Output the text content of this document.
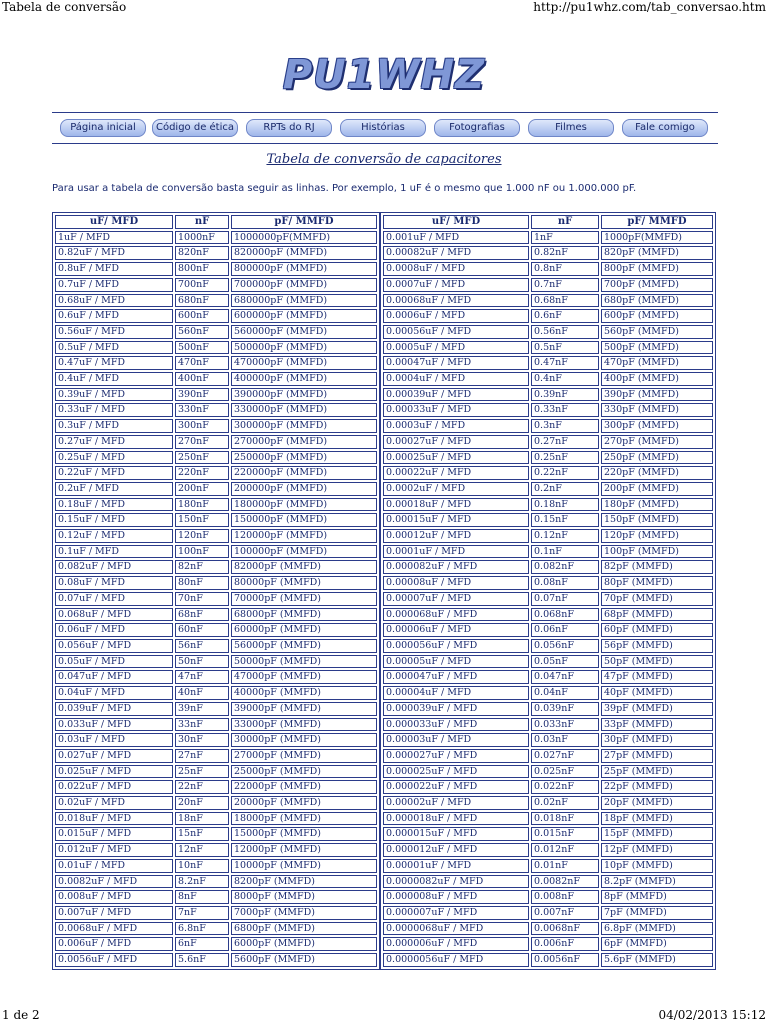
Tabela de conversão	http://pu1whz.com/tab_conversao.htm
PU1WHZ
Página inicial	Código de ética	RPTs do RJ	Histórias	Fotografias	Filmes	Fale comigo
Tabela de conversão de capacitores
Para usar a tabela de conversão basta seguir as linhas. Por exemplo, 1 uF é o mesmo que 1.000 nF ou 1.000.000 pF.
uF/ MFD	nF	pF/ MMFD
1uF / MFD	1000nF	1000000pF(MMFD)
0.82uF / MFD	820nF	820000pF (MMFD)
0.8uF / MFD	800nF	800000pF (MMFD)
0.7uF / MFD	700nF	700000pF (MMFD)
0.68uF / MFD	680nF	680000pF (MMFD)
0.6uF / MFD	600nF	600000pF (MMFD)
0.56uF / MFD	560nF	560000pF (MMFD)
0.5uF / MFD	500nF	500000pF (MMFD)
0.47uF / MFD	470nF	470000pF (MMFD)
0.4uF / MFD	400nF	400000pF (MMFD)
0.39uF / MFD	390nF	390000pF (MMFD)
0.33uF / MFD	330nF	330000pF (MMFD)
0.3uF / MFD	300nF	300000pF (MMFD)
0.27uF / MFD	270nF	270000pF (MMFD)
0.25uF / MFD	250nF	250000pF (MMFD)
0.22uF / MFD	220nF	220000pF (MMFD)
0.2uF / MFD	200nF	200000pF (MMFD)
0.18uF / MFD	180nF	180000pF (MMFD)
0.15uF / MFD	150nF	150000pF (MMFD)
0.12uF / MFD	120nF	120000pF (MMFD)
0.1uF / MFD	100nF	100000pF (MMFD)
0.082uF / MFD	82nF	82000pF (MMFD)
0.08uF / MFD	80nF	80000pF (MMFD)
0.07uF / MFD	70nF	70000pF (MMFD)
0.068uF / MFD	68nF	68000pF (MMFD)
0.06uF / MFD	60nF	60000pF (MMFD)
0.056uF / MFD	56nF	56000pF (MMFD)
0.05uF / MFD	50nF	50000pF (MMFD)
0.047uF / MFD	47nF	47000pF (MMFD)
0.04uF / MFD	40nF	40000pF (MMFD)
0.039uF / MFD	39nF	39000pF (MMFD)
0.033uF / MFD	33nF	33000pF (MMFD)
0.03uF / MFD	30nF	30000pF (MMFD)
0.027uF / MFD	27nF	27000pF (MMFD)
0.025uF / MFD	25nF	25000pF (MMFD)
0.022uF / MFD	22nF	22000pF (MMFD)
0.02uF / MFD	20nF	20000pF (MMFD)
0.018uF / MFD	18nF	18000pF (MMFD)
0.015uF / MFD	15nF	15000pF (MMFD)
0.012uF / MFD	12nF	12000pF (MMFD)
0.01uF / MFD	10nF	10000pF (MMFD)
0.0082uF / MFD	8.2nF	8200pF (MMFD)
0.008uF / MFD	8nF	8000pF (MMFD)
0.007uF / MFD	7nF	7000pF (MMFD)
0.0068uF / MFD	6.8nF	6800pF (MMFD)
0.006uF / MFD	6nF	6000pF (MMFD)
0.0056uF / MFD	5.6nF	5600pF (MMFD)
uF/ MFD	nF	pF/ MMFD
0.001uF / MFD	1nF	1000pF(MMFD)
0.00082uF / MFD	0.82nF	820pF (MMFD)
0.0008uF / MFD	0.8nF	800pF (MMFD)
0.0007uF / MFD	0.7nF	700pF (MMFD)
0.00068uF / MFD	0.68nF	680pF (MMFD)
0.0006uF / MFD	0.6nF	600pF (MMFD)
0.00056uF / MFD	0.56nF	560pF (MMFD)
0.0005uF / MFD	0.5nF	500pF (MMFD)
0.00047uF / MFD	0.47nF	470pF (MMFD)
0.0004uF / MFD	0.4nF	400pF (MMFD)
0.00039uF / MFD	0.39nF	390pF (MMFD)
0.00033uF / MFD	0.33nF	330pF (MMFD)
0.0003uF / MFD	0.3nF	300pF (MMFD)
0.00027uF / MFD	0.27nF	270pF (MMFD)
0.00025uF / MFD	0.25nF	250pF (MMFD)
0.00022uF / MFD	0.22nF	220pF (MMFD)
0.0002uF / MFD	0.2nF	200pF (MMFD)
0.00018uF / MFD	0.18nF	180pF (MMFD)
0.00015uF / MFD	0.15nF	150pF (MMFD)
0.00012uF / MFD	0.12nF	120pF (MMFD)
0.0001uF / MFD	0.1nF	100pF (MMFD)
0.000082uF / MFD	0.082nF	82pF (MMFD)
0.00008uF / MFD	0.08nF	80pF (MMFD)
0.00007uF / MFD	0.07nF	70pF (MMFD)
0.000068uF / MFD	0.068nF	68pF (MMFD)
0.00006uF / MFD	0.06nF	60pF (MMFD)
0.000056uF / MFD	0.056nF	56pF (MMFD)
0.00005uF / MFD	0.05nF	50pF (MMFD)
0.000047uF / MFD	0.047nF	47pF (MMFD)
0.00004uF / MFD	0.04nF	40pF (MMFD)
0.000039uF / MFD	0.039nF	39pF (MMFD)
0.000033uF / MFD	0.033nF	33pF (MMFD)
0.00003uF / MFD	0.03nF	30pF (MMFD)
0.000027uF / MFD	0.027nF	27pF (MMFD)
0.000025uF / MFD	0.025nF	25pF (MMFD)
0.000022uF / MFD	0.022nF	22pF (MMFD)
0.00002uF / MFD	0.02nF	20pF (MMFD)
0.000018uF / MFD	0.018nF	18pF (MMFD)
0.000015uF / MFD	0.015nF	15pF (MMFD)
0.000012uF / MFD	0.012nF	12pF (MMFD)
0.00001uF / MFD	0.01nF	10pF (MMFD)
0.0000082uF / MFD	0.0082nF	8.2pF (MMFD)
0.000008uF / MFD	0.008nF	8pF (MMFD)
0.000007uF / MFD	0.007nF	7pF (MMFD)
0.0000068uF / MFD	0.0068nF	6.8pF (MMFD)
0.000006uF / MFD	0.006nF	6pF (MMFD)
0.0000056uF / MFD	0.0056nF	5.6pF (MMFD)
1 de 2	04/02/2013 15:12
